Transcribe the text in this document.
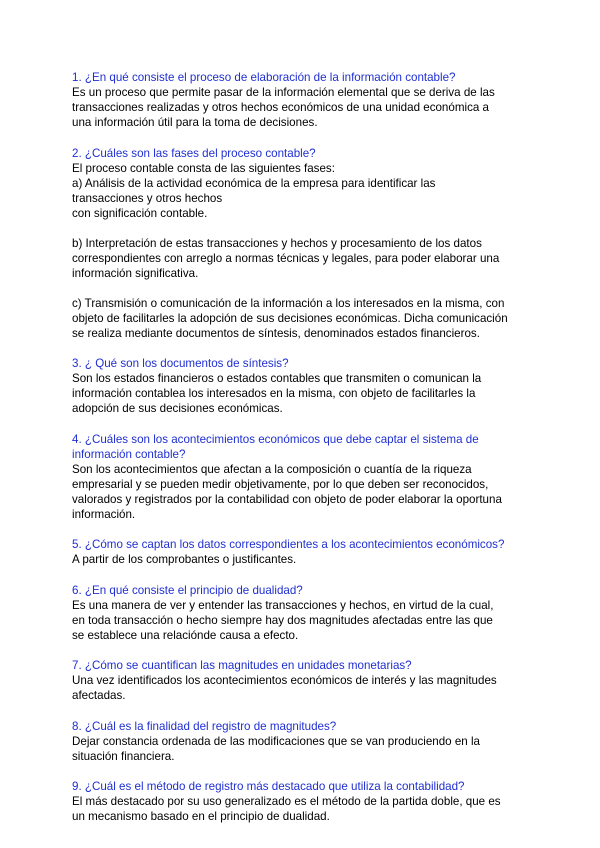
1. ¿En qué consiste el proceso de elaboración de la información contable?

Es un proceso que permite pasar de la información elemental que se deriva de las
transacciones realizadas y otros hechos económicos de una unidad económica a
una información útil para la toma de decisiones.

2. ¿Cuáles son las fases del proceso contable?

El proceso contable consta de las siguientes fases:
a) Análisis de la actividad económica de la empresa para identificar las
transacciones y otros hechos
con significación contable.
b) Interpretación de estas transacciones y hechos y procesamiento de los datos
correspondientes con arreglo a normas técnicas y legales, para poder elaborar una
información significativa.
c) Transmisión o comunicación de la información a los interesados en la misma, con
objeto de facilitarles la adopción de sus decisiones económicas. Dicha comunicación
se realiza mediante documentos de síntesis, denominados estados financieros.

3. ¿ Qué son los documentos de síntesis?

Son los estados financieros o estados contables que transmiten o comunican la
información contablea los interesados en la misma, con objeto de facilitarles la
adopción de sus decisiones económicas.

4. ¿Cuáles son los acontecimientos económicos que debe captar el sistema de
información contable?

Son los acontecimientos que afectan a la composición o cuantía de la riqueza
empresarial y se pueden medir objetivamente, por lo que deben ser reconocidos,
valorados y registrados por la contabilidad con objeto de poder elaborar la oportuna
información.

5. ¿Cómo se captan los datos correspondientes a los acontecimientos económicos?

A partir de los comprobantes o justificantes.

6. ¿En qué consiste el principio de dualidad?

Es una manera de ver y entender las transacciones y hechos, en virtud de la cual,
en toda transacción o hecho siempre hay dos magnitudes afectadas entre las que
se establece una relaciónde causa a efecto.

7. ¿Cómo se cuantifican las magnitudes en unidades monetarias?

Una vez identificados los acontecimientos económicos de interés y las magnitudes
afectadas.

8. ¿Cuál es la finalidad del registro de magnitudes?

Dejar constancia ordenada de las modificaciones que se van produciendo en la
situación financiera.

9. ¿Cuál es el método de registro más destacado que utiliza la contabilidad?

El más destacado por su uso generalizado es el método de la partida doble, que es
un mecanismo basado en el principio de dualidad.
